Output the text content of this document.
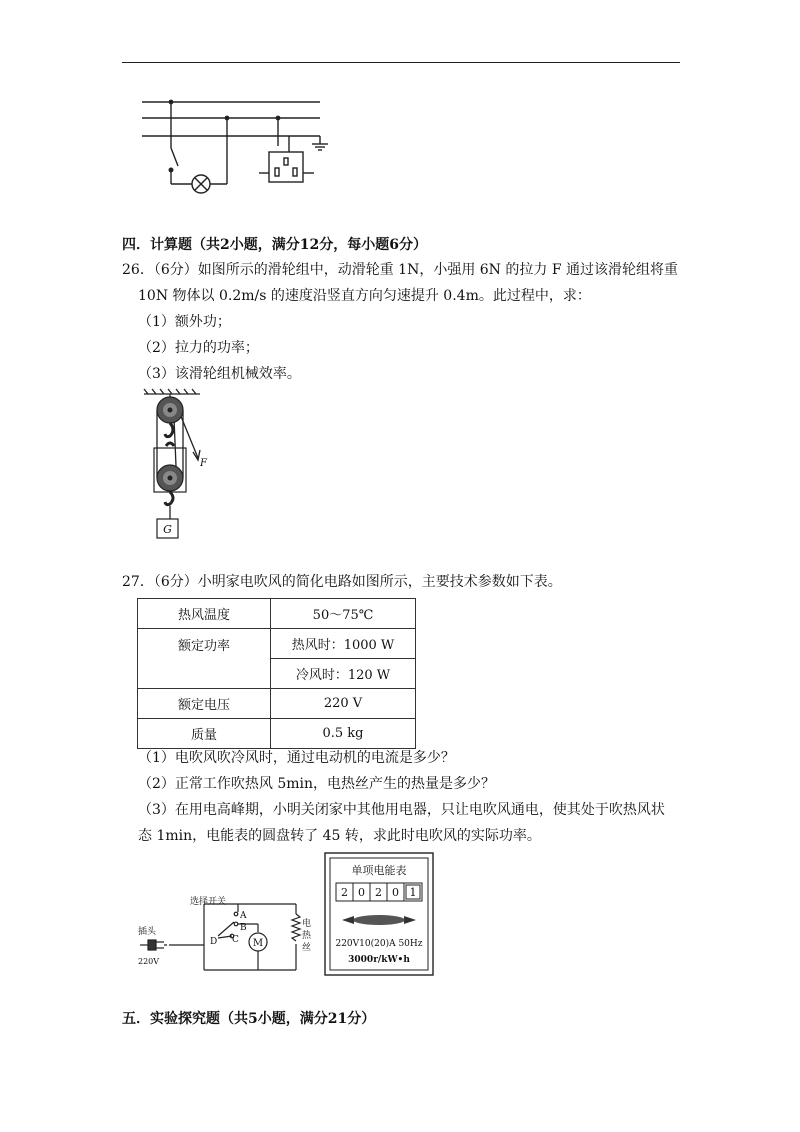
四．计算题（共2小题，满分12分，每小题6分）
26．（6分）如图所示的滑轮组中，动滑轮重 1N，小强用 6N 的拉力 F 通过该滑轮组将重
10N 物体以 0.2m/s 的速度沿竖直方向匀速提升 0.4m。此过程中，求：
（1）额外功；
（2）拉力的功率；
（3）该滑轮组机械效率。
G
F
27．（6分）小明家电吹风的简化电路如图所示，主要技术参数如下表。
热风温度	50～75℃
额定功率	热风时：1000 W
	冷风时：120 W
额定电压	220 V
质量	0.5 kg
（1）电吹风吹冷风时，通过电动机的电流是多少？
（2）正常工作吹热风 5min，电热丝产生的热量是多少？
（3）在用电高峰期，小明关闭家中其他用电器，只让电吹风通电，使其处于吹热风状
态 1min，电能表的圆盘转了 45 转，求此时电吹风的实际功率。
M
选择开关
插头
220V
A
B
C
D
电
热
丝
单项电能表
2 0 2 0 1
220V10(20)A 50Hz
3000r/kW•h
五．实验探究题（共5小题，满分21分）
